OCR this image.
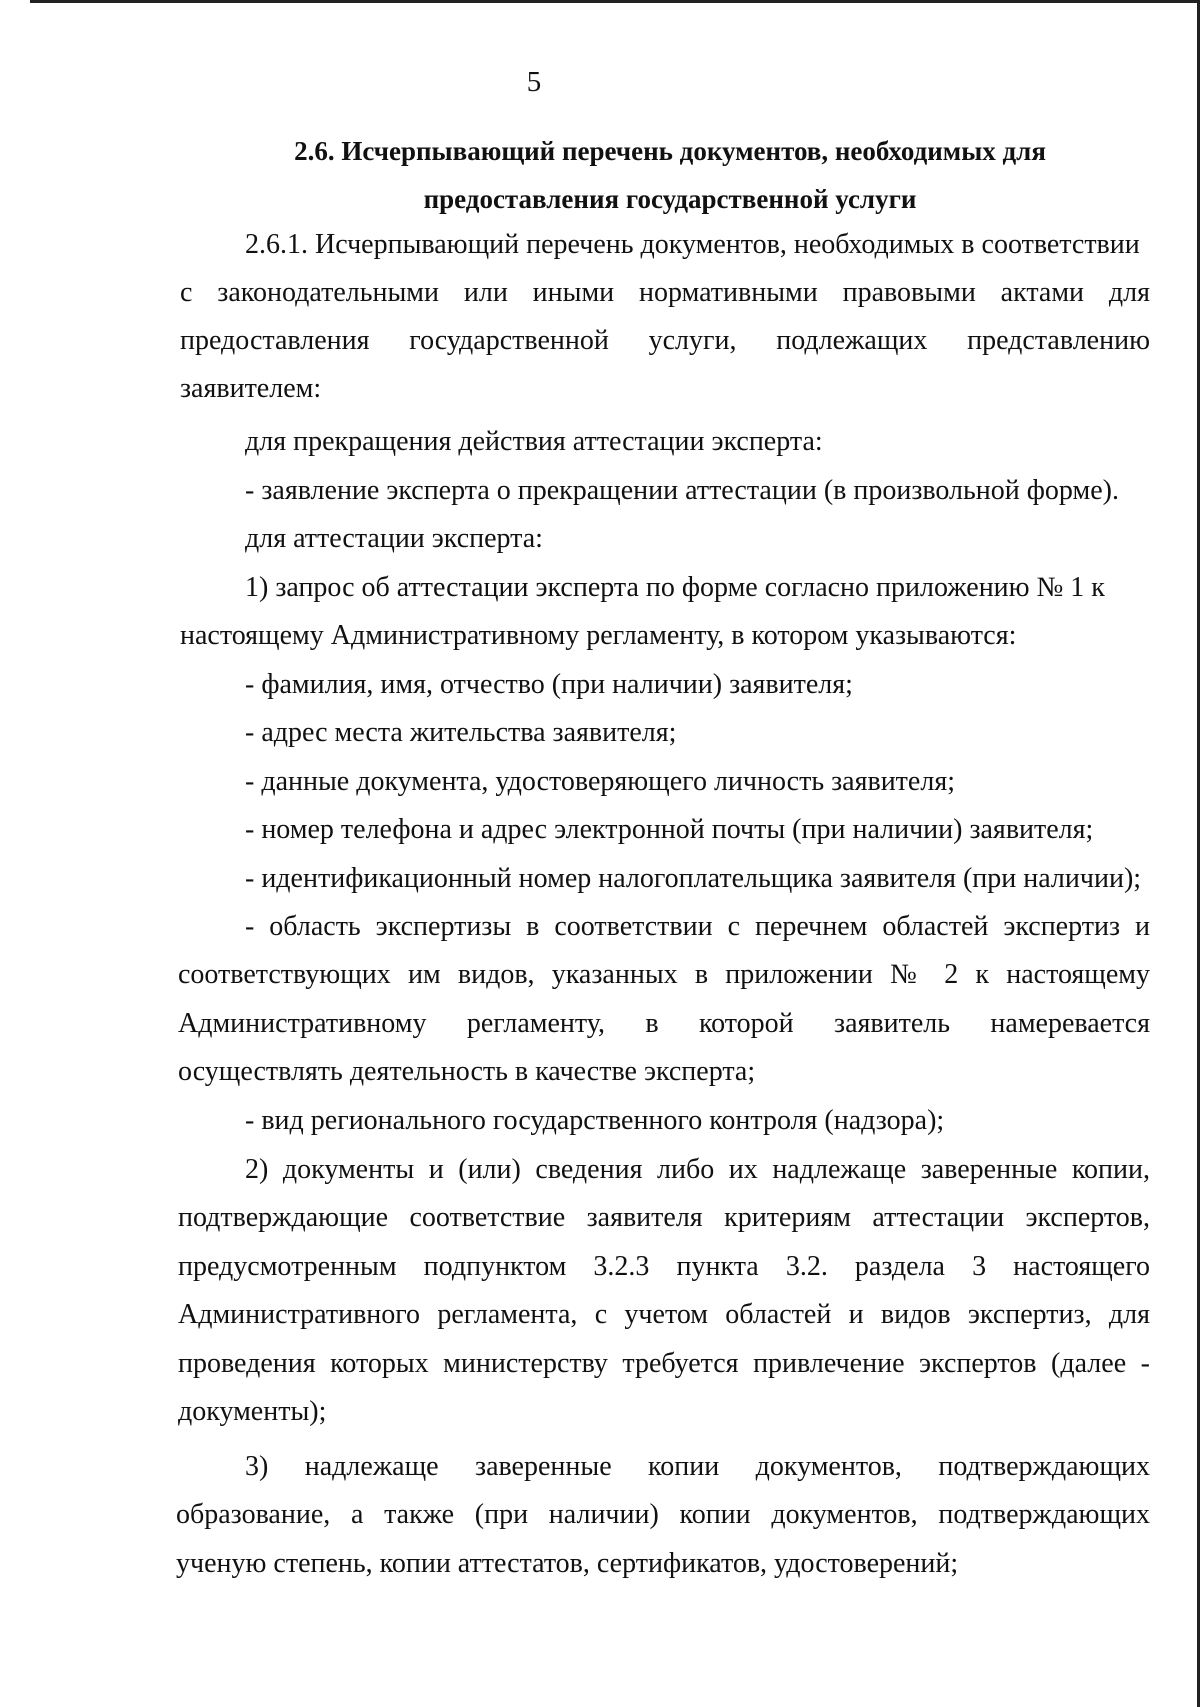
5
2.6. Исчерпывающий перечень документов, необходимых для
предоставления государственной услуги
2.6.1. Исчерпывающий перечень документов, необходимых в соответствии
с законодательными или иными нормативными правовыми актами для
предоставления государственной услуги, подлежащих представлению
заявителем:
для прекращения действия аттестации эксперта:
- заявление эксперта о прекращении аттестации (в произвольной форме).
для аттестации эксперта:
1) запрос об аттестации эксперта по форме согласно приложению № 1 к
настоящему Административному регламенту, в котором указываются:
- фамилия, имя, отчество (при наличии) заявителя;
- адрес места жительства заявителя;
- данные документа, удостоверяющего личность заявителя;
- номер телефона и адрес электронной почты (при наличии) заявителя;
- идентификационный номер налогоплательщика заявителя (при наличии);
- область экспертизы в соответствии с перечнем областей экспертиз и
соответствующих им видов, указанных в приложении № 2 к настоящему
Административному регламенту, в которой заявитель намеревается
осуществлять деятельность в качестве эксперта;
- вид регионального государственного контроля (надзора);
2) документы и (или) сведения либо их надлежаще заверенные копии,
подтверждающие соответствие заявителя критериям аттестации экспертов,
предусмотренным подпунктом 3.2.3 пункта 3.2. раздела 3 настоящего
Административного регламента, с учетом областей и видов экспертиз, для
проведения которых министерству требуется привлечение экспертов (далее -
документы);
3) надлежаще заверенные копии документов, подтверждающих
образование, а также (при наличии) копии документов, подтверждающих
ученую степень, копии аттестатов, сертификатов, удостоверений;
